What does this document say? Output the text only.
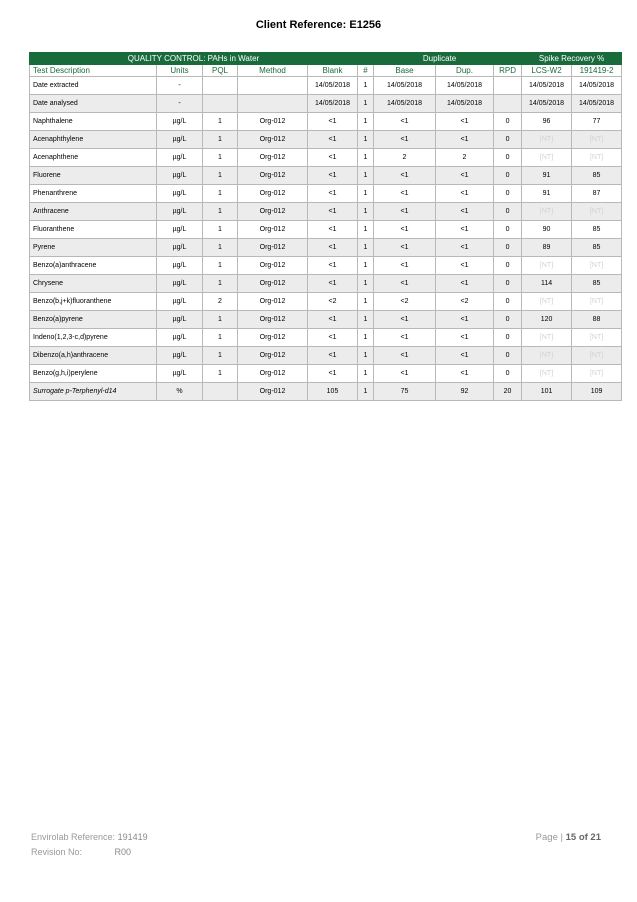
Client Reference: E1256
QUALITY CONTROL: PAHs in Water					Duplicate				Spike Recovery %	
Test Description	Units	PQL	Method	Blank	#	Base	Dup.	RPD	LCS-W2	191419-2
Date extracted	-			14/05/2018	1	14/05/2018	14/05/2018		14/05/2018	14/05/2018
Date analysed	-			14/05/2018	1	14/05/2018	14/05/2018		14/05/2018	14/05/2018
Naphthalene	µg/L	1	Org-012	<1	1	<1	<1	0	96	77
Acenaphthylene	µg/L	1	Org-012	<1	1	<1	<1	0	[NT]	[NT]
Acenaphthene	µg/L	1	Org-012	<1	1	2	2	0	[NT]	[NT]
Fluorene	µg/L	1	Org-012	<1	1	<1	<1	0	91	85
Phenanthrene	µg/L	1	Org-012	<1	1	<1	<1	0	91	87
Anthracene	µg/L	1	Org-012	<1	1	<1	<1	0	[NT]	[NT]
Fluoranthene	µg/L	1	Org-012	<1	1	<1	<1	0	90	85
Pyrene	µg/L	1	Org-012	<1	1	<1	<1	0	89	85
Benzo(a)anthracene	µg/L	1	Org-012	<1	1	<1	<1	0	[NT]	[NT]
Chrysene	µg/L	1	Org-012	<1	1	<1	<1	0	114	85
Benzo(b,j+k)fluoranthene	µg/L	2	Org-012	<2	1	<2	<2	0	[NT]	[NT]
Benzo(a)pyrene	µg/L	1	Org-012	<1	1	<1	<1	0	120	88
Indeno(1,2,3-c,d)pyrene	µg/L	1	Org-012	<1	1	<1	<1	0	[NT]	[NT]
Dibenzo(a,h)anthracene	µg/L	1	Org-012	<1	1	<1	<1	0	[NT]	[NT]
Benzo(g,h,i)perylene	µg/L	1	Org-012	<1	1	<1	<1	0	[NT]	[NT]
Surrogate p-Terphenyl-d14	%		Org-012	105	1	75	92	20	101	109
Envirolab Reference: 191419
Revision No:	R00
Page | 15 of 21
